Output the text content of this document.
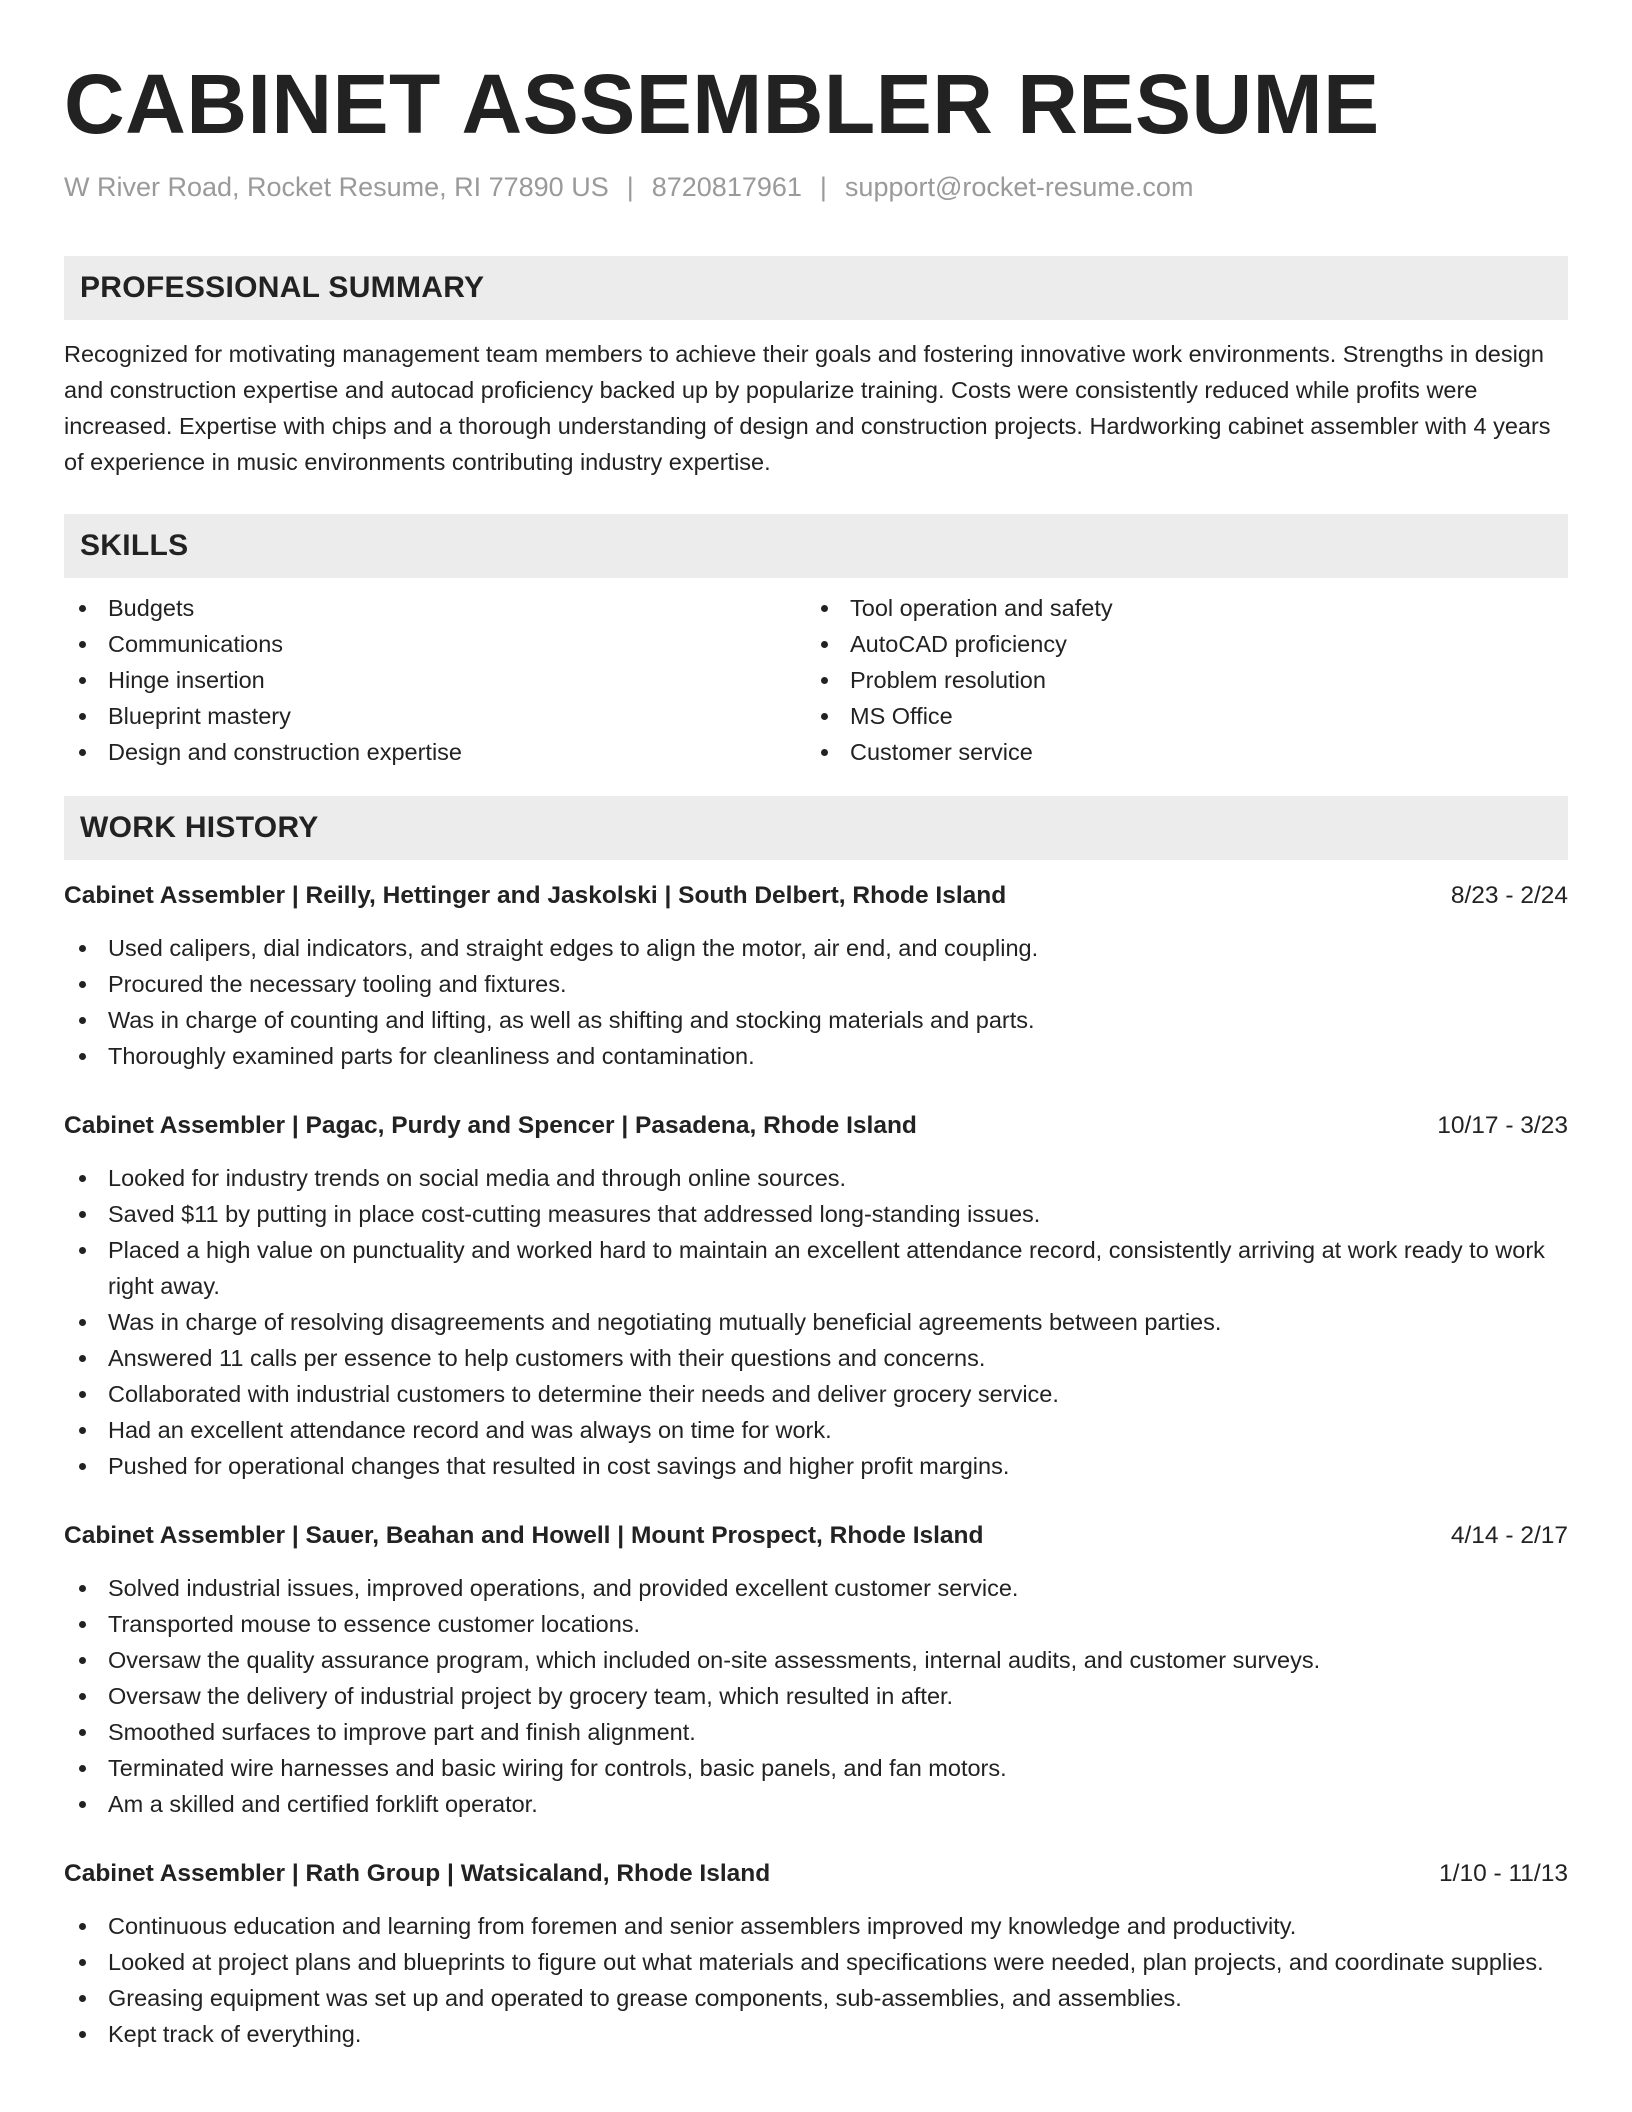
CABINET ASSEMBLER RESUME
W River Road, Rocket Resume, RI 77890 US | 8720817961 | support@rocket-resume.com
PROFESSIONAL SUMMARY
Recognized for motivating management team members to achieve their goals and fostering innovative work environments. Strengths in design and construction expertise and autocad proficiency backed up by popularize training. Costs were consistently reduced while profits were increased. Expertise with chips and a thorough understanding of design and construction projects. Hardworking cabinet assembler with 4 years of experience in music environments contributing industry expertise.
SKILLS
Budgets
Communications
Hinge insertion
Blueprint mastery
Design and construction expertise
Tool operation and safety
AutoCAD proficiency
Problem resolution
MS Office
Customer service
WORK HISTORY
Cabinet Assembler | Reilly, Hettinger and Jaskolski | South Delbert, Rhode Island	8/23 - 2/24
Used calipers, dial indicators, and straight edges to align the motor, air end, and coupling.
Procured the necessary tooling and fixtures.
Was in charge of counting and lifting, as well as shifting and stocking materials and parts.
Thoroughly examined parts for cleanliness and contamination.
Cabinet Assembler | Pagac, Purdy and Spencer | Pasadena, Rhode Island	10/17 - 3/23
Looked for industry trends on social media and through online sources.
Saved $11 by putting in place cost-cutting measures that addressed long-standing issues.
Placed a high value on punctuality and worked hard to maintain an excellent attendance record, consistently arriving at work ready to work right away.
Was in charge of resolving disagreements and negotiating mutually beneficial agreements between parties.
Answered 11 calls per essence to help customers with their questions and concerns.
Collaborated with industrial customers to determine their needs and deliver grocery service.
Had an excellent attendance record and was always on time for work.
Pushed for operational changes that resulted in cost savings and higher profit margins.
Cabinet Assembler | Sauer, Beahan and Howell | Mount Prospect, Rhode Island	4/14 - 2/17
Solved industrial issues, improved operations, and provided excellent customer service.
Transported mouse to essence customer locations.
Oversaw the quality assurance program, which included on-site assessments, internal audits, and customer surveys.
Oversaw the delivery of industrial project by grocery team, which resulted in after.
Smoothed surfaces to improve part and finish alignment.
Terminated wire harnesses and basic wiring for controls, basic panels, and fan motors.
Am a skilled and certified forklift operator.
Cabinet Assembler | Rath Group | Watsicaland, Rhode Island	1/10 - 11/13
Continuous education and learning from foremen and senior assemblers improved my knowledge and productivity.
Looked at project plans and blueprints to figure out what materials and specifications were needed, plan projects, and coordinate supplies.
Greasing equipment was set up and operated to grease components, sub-assemblies, and assemblies.
Kept track of everything.
